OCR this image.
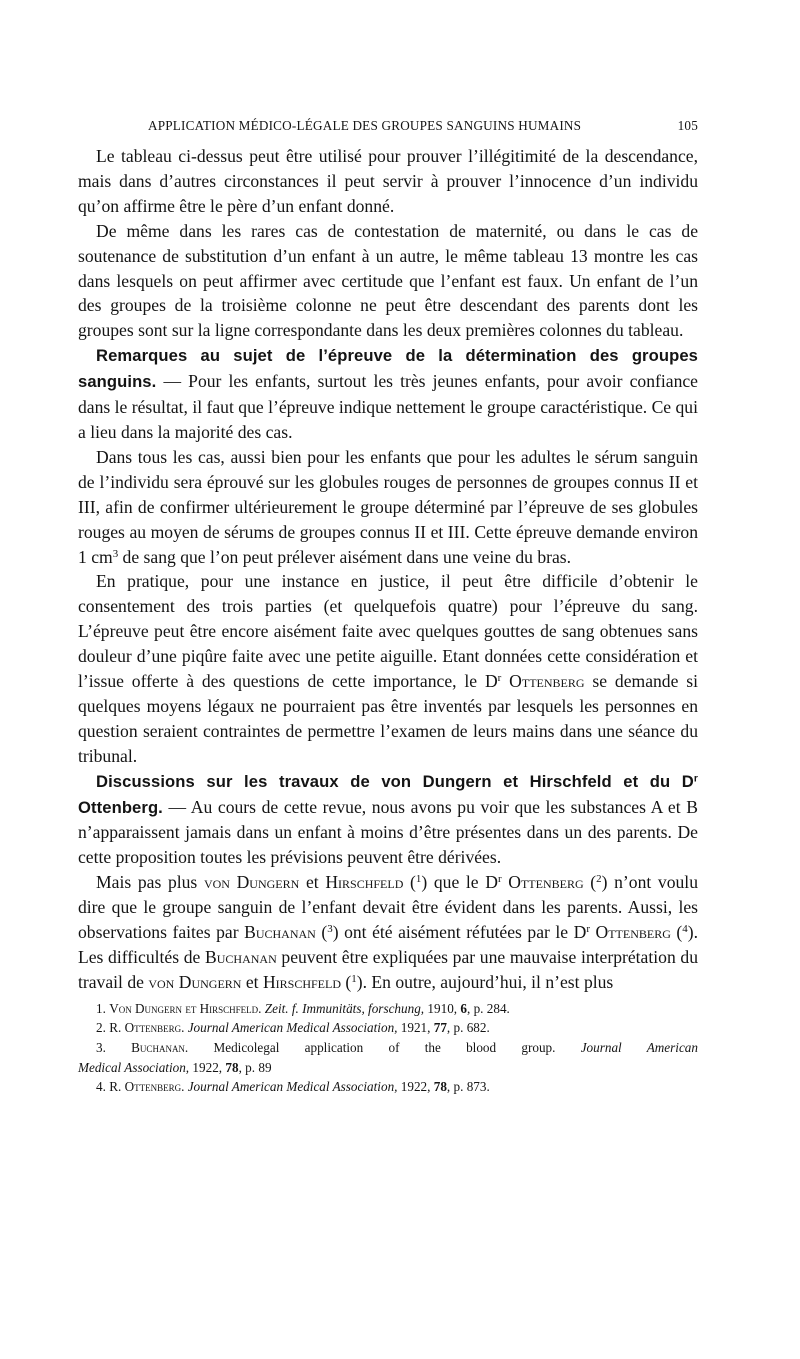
APPLICATION MÉDICO-LÉGALE DES GROUPES SANGUINS HUMAINS	105

Le tableau ci-dessus peut être utilisé pour prouver l’illégitimité de la descendance, mais dans d’autres circonstances il peut servir à prouver l’innocence d’un individu qu’on affirme être le père d’un enfant donné.

De même dans les rares cas de contestation de maternité, ou dans le cas de soutenance de substitution d’un enfant à un autre, le même tableau 13 montre les cas dans lesquels on peut affirmer avec certitude que l’enfant est faux. Un enfant de l’un des groupes de la troisième colonne ne peut être descendant des parents dont les groupes sont sur la ligne correspondante dans les deux premières colonnes du tableau.

Remarques au sujet de l’épreuve de la détermination des groupes sanguins. — Pour les enfants, surtout les très jeunes enfants, pour avoir confiance dans le résultat, il faut que l’épreuve indique nettement le groupe caractéristique. Ce qui a lieu dans la majorité des cas.

Dans tous les cas, aussi bien pour les enfants que pour les adultes le sérum sanguin de l’individu sera éprouvé sur les globules rouges de personnes de groupes connus II et III, afin de confirmer ultérieurement le groupe déterminé par l’épreuve de ses globules rouges au moyen de sérums de groupes connus II et III. Cette épreuve demande environ 1 $cm^3$ de sang que l’on peut prélever aisément dans une veine du bras.

En pratique, pour une instance en justice, il peut être difficile d’obtenir le consentement des trois parties (et quelquefois quatre) pour l’épreuve du sang. L’épreuve peut être encore aisément faite avec quelques gouttes de sang obtenues sans douleur d’une piqûre faite avec une petite aiguille. Etant données cette considération et l’issue offerte à des questions de cette importance, le $D^r$ Ottenberg se demande si quelques moyens légaux ne pourraient pas être inventés par lesquels les personnes en question seraient contraintes de permettre l’examen de leurs mains dans une séance du tribunal.

Discussions sur les travaux de von Dungern et Hirschfeld et du $D^r$ Ottenberg. — Au cours de cette revue, nous avons pu voir que les substances A et B n’apparaissent jamais dans un enfant à moins d’être présentes dans un des parents. De cette proposition toutes les prévisions peuvent être dérivées.

Mais pas plus von Dungern et Hirschfeld ($^1$) que le $D^r$ Ottenberg ($^2$) n’ont voulu dire que le groupe sanguin de l’enfant devait être évident dans les parents. Aussi, les observations faites par Buchanan ($^3$) ont été aisément réfutées par le $D^r$ Ottenberg ($^4$). Les difficultés de Buchanan peuvent être expliquées par une mauvaise interprétation du travail de von Dungern et Hirschfeld ($^1$). En outre, aujourd’hui, il n’est plus

1. Von Dungern et Hirschfeld. Zeit. f. Immunitäts, forschung, 1910, 6, p. 284.

2. R. Ottenberg. Journal American Medical Association, 1921, 77, p. 682.

3. Buchanan. Medicolegal application of the blood group. Journal American

Medical Association, 1922, 78, p. 89

4. R. Ottenberg. Journal American Medical Association, 1922, 78, p. 873.
